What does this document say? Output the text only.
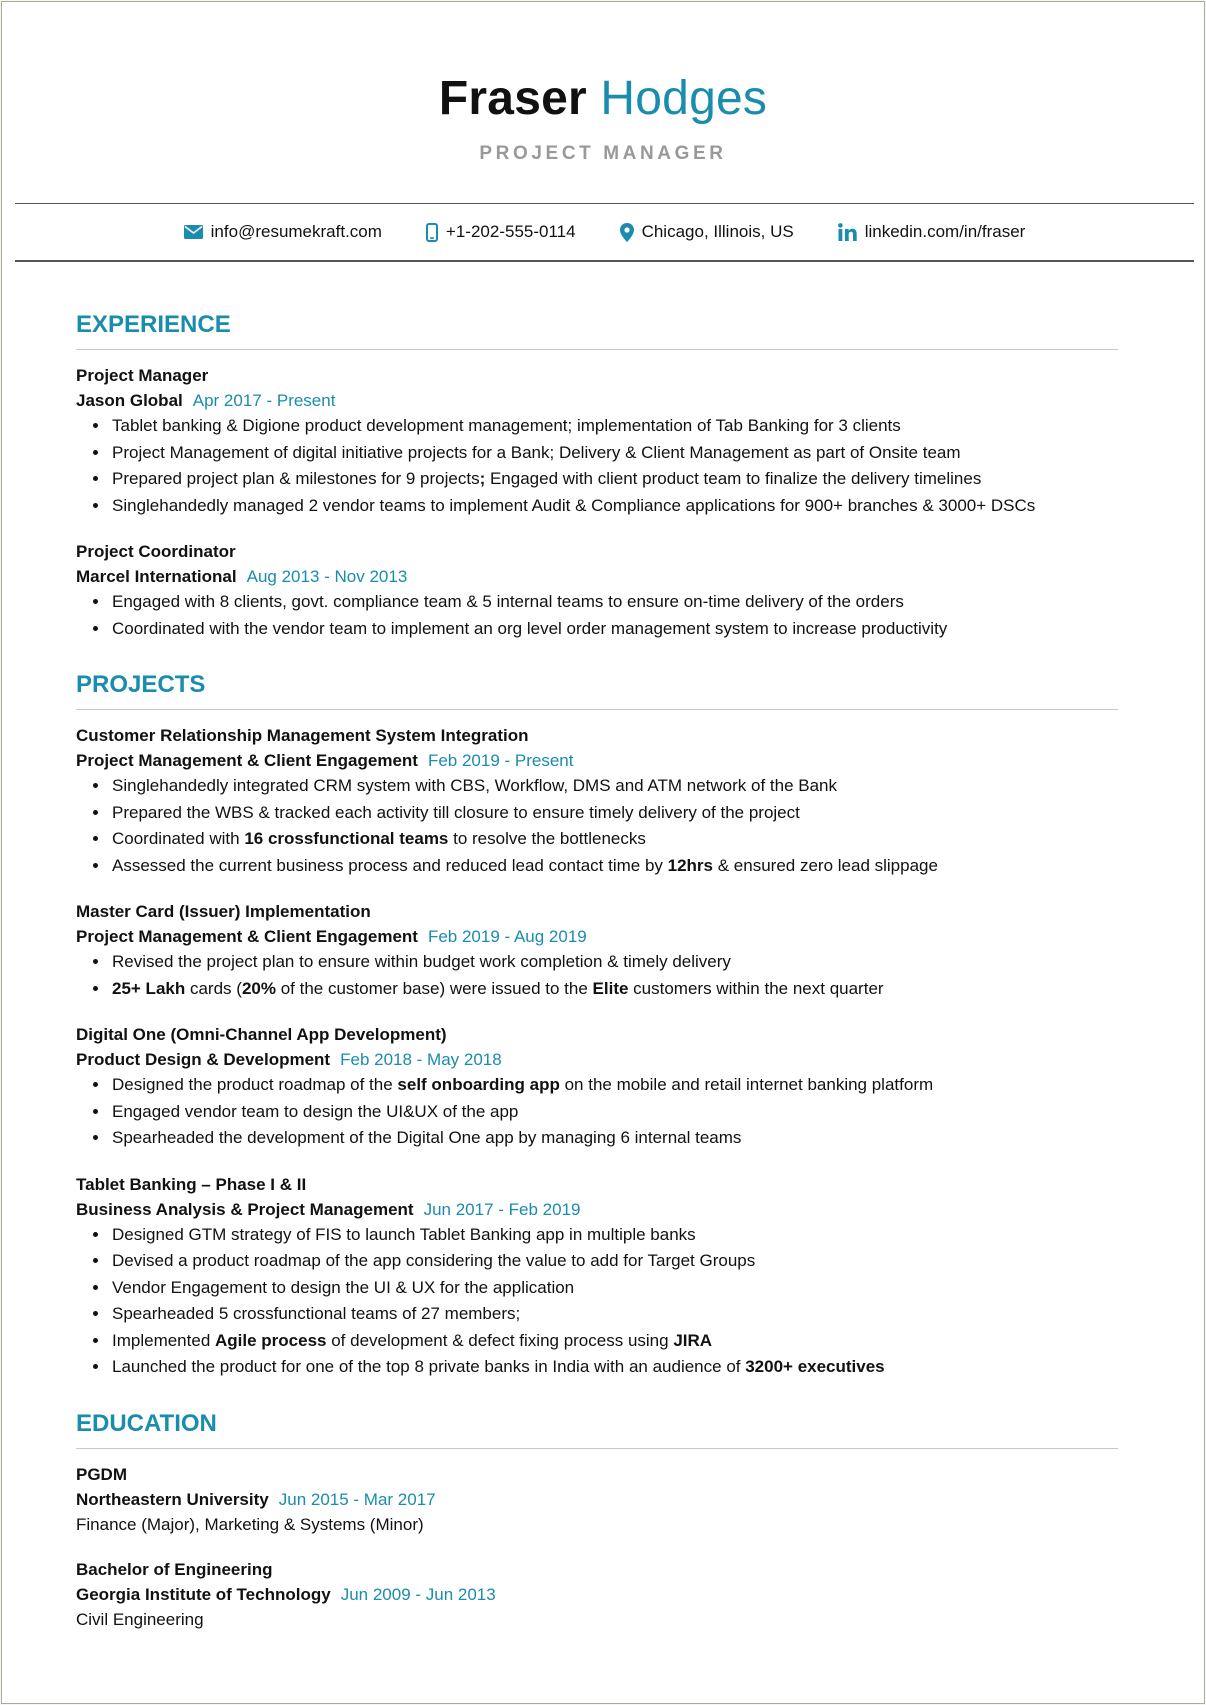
Fraser Hodges
PROJECT MANAGER
info@resumekraft.com	+1-202-555-0114	Chicago, Illinois, US	linkedin.com/in/fraser
EXPERIENCE
Project Manager
Jason Global Apr 2017 - Present
• Tablet banking & Digione product development management; implementation of Tab Banking for 3 clients
• Project Management of digital initiative projects for a Bank; Delivery & Client Management as part of Onsite team
• Prepared project plan & milestones for 9 projects; Engaged with client product team to finalize the delivery timelines
• Singlehandedly managed 2 vendor teams to implement Audit & Compliance applications for 900+ branches & 3000+ DSCs
Project Coordinator
Marcel International Aug 2013 - Nov 2013
• Engaged with 8 clients, govt. compliance team & 5 internal teams to ensure on-time delivery of the orders
• Coordinated with the vendor team to implement an org level order management system to increase productivity
PROJECTS
Customer Relationship Management System Integration
Project Management & Client Engagement Feb 2019 - Present
• Singlehandedly integrated CRM system with CBS, Workflow, DMS and ATM network of the Bank
• Prepared the WBS & tracked each activity till closure to ensure timely delivery of the project
• Coordinated with 16 crossfunctional teams to resolve the bottlenecks
• Assessed the current business process and reduced lead contact time by 12hrs & ensured zero lead slippage
Master Card (Issuer) Implementation
Project Management & Client Engagement Feb 2019 - Aug 2019
• Revised the project plan to ensure within budget work completion & timely delivery
• 25+ Lakh cards (20% of the customer base) were issued to the Elite customers within the next quarter
Digital One (Omni-Channel App Development)
Product Design & Development Feb 2018 - May 2018
• Designed the product roadmap of the self onboarding app on the mobile and retail internet banking platform
• Engaged vendor team to design the UI&UX of the app
• Spearheaded the development of the Digital One app by managing 6 internal teams
Tablet Banking – Phase I & II
Business Analysis & Project Management Jun 2017 - Feb 2019
• Designed GTM strategy of FIS to launch Tablet Banking app in multiple banks
• Devised a product roadmap of the app considering the value to add for Target Groups
• Vendor Engagement to design the UI & UX for the application
• Spearheaded 5 crossfunctional teams of 27 members;
• Implemented Agile process of development & defect fixing process using JIRA
• Launched the product for one of the top 8 private banks in India with an audience of 3200+ executives
EDUCATION
PGDM
Northeastern University Jun 2015 - Mar 2017
Finance (Major), Marketing & Systems (Minor)
Bachelor of Engineering
Georgia Institute of Technology Jun 2009 - Jun 2013
Civil Engineering
